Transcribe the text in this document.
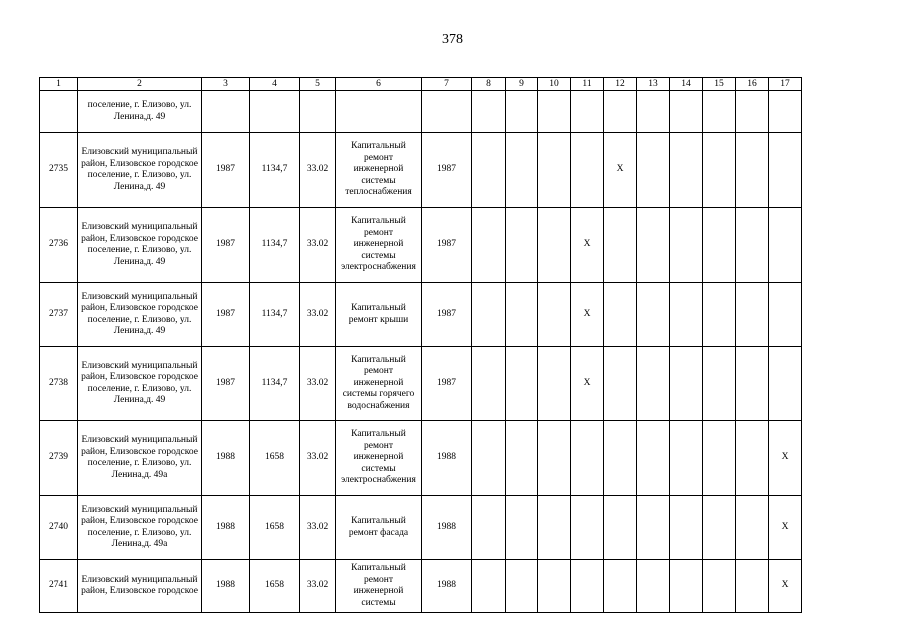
378
1	2	3	4	5	6	7	8	9	10	11	12	13	14	15	16	17
	поселение, г. Елизово, ул. Ленина,д. 49															
2735	Елизовский муниципальный район, Елизовское городское поселение, г. Елизово, ул. Ленина,д. 49	1987	1134,7	33.02	Капитальный ремонт инженерной системы теплоснабжения	1987					X					
2736	Елизовский муниципальный район, Елизовское городское поселение, г. Елизово, ул. Ленина,д. 49	1987	1134,7	33.02	Капитальный ремонт инженерной системы электроснабжения	1987				X						
2737	Елизовский муниципальный район, Елизовское городское поселение, г. Елизово, ул. Ленина,д. 49	1987	1134,7	33.02	Капитальный ремонт крыши	1987				X						
2738	Елизовский муниципальный район, Елизовское городское поселение, г. Елизово, ул. Ленина,д. 49	1987	1134,7	33.02	Капитальный ремонт инженерной системы горячего водоснабжения	1987				X						
2739	Елизовский муниципальный район, Елизовское городское поселение, г. Елизово, ул. Ленина,д. 49а	1988	1658	33.02	Капитальный ремонт инженерной системы электроснабжения	1988										X
2740	Елизовский муниципальный район, Елизовское городское поселение, г. Елизово, ул. Ленина,д. 49а	1988	1658	33.02	Капитальный ремонт фасада	1988										X
2741	Елизовский муниципальный район, Елизовское городское	1988	1658	33.02	Капитальный ремонт инженерной системы	1988										X
